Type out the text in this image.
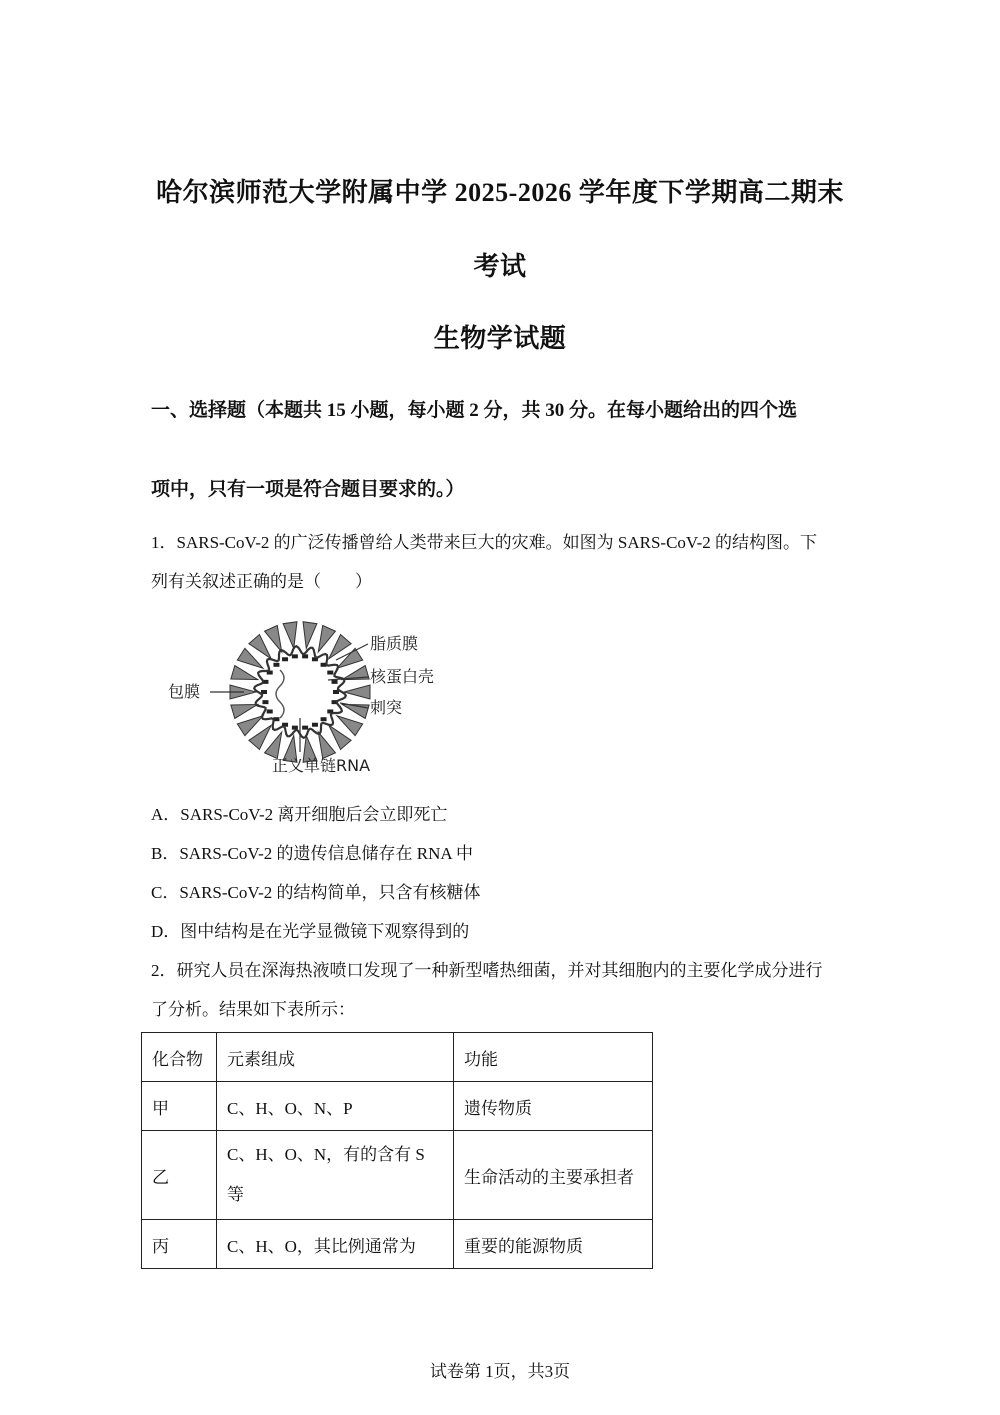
哈尔滨师范大学附属中学 2025-2026 学年度下学期高二期末
考试
生物学试题
一、选择题（本题共 15 小题，每小题 2 分，共 30 分。在每小题给出的四个选
项中，只有一项是符合题目要求的。）
1．SARS-CoV-2 的广泛传播曾给人类带来巨大的灾难。如图为 SARS-CoV-2 的结构图。下
列有关叙述正确的是（　　）
脂质膜
核蛋白壳
刺突
包膜
正义单链RNA
A．SARS-CoV-2 离开细胞后会立即死亡
B．SARS-CoV-2 的遗传信息储存在 RNA 中
C．SARS-CoV-2 的结构简单，只含有核糖体
D．图中结构是在光学显微镜下观察得到的
2．研究人员在深海热液喷口发现了一种新型嗜热细菌，并对其细胞内的主要化学成分进行
了分析。结果如下表所示：
化合物	元素组成	功能
甲	C、H、O、N、P	遗传物质
乙	C、H、O、N，有的含有 S 等	生命活动的主要承担者
丙	C、H、O，其比例通常为	重要的能源物质
试卷第 1页，共3页
